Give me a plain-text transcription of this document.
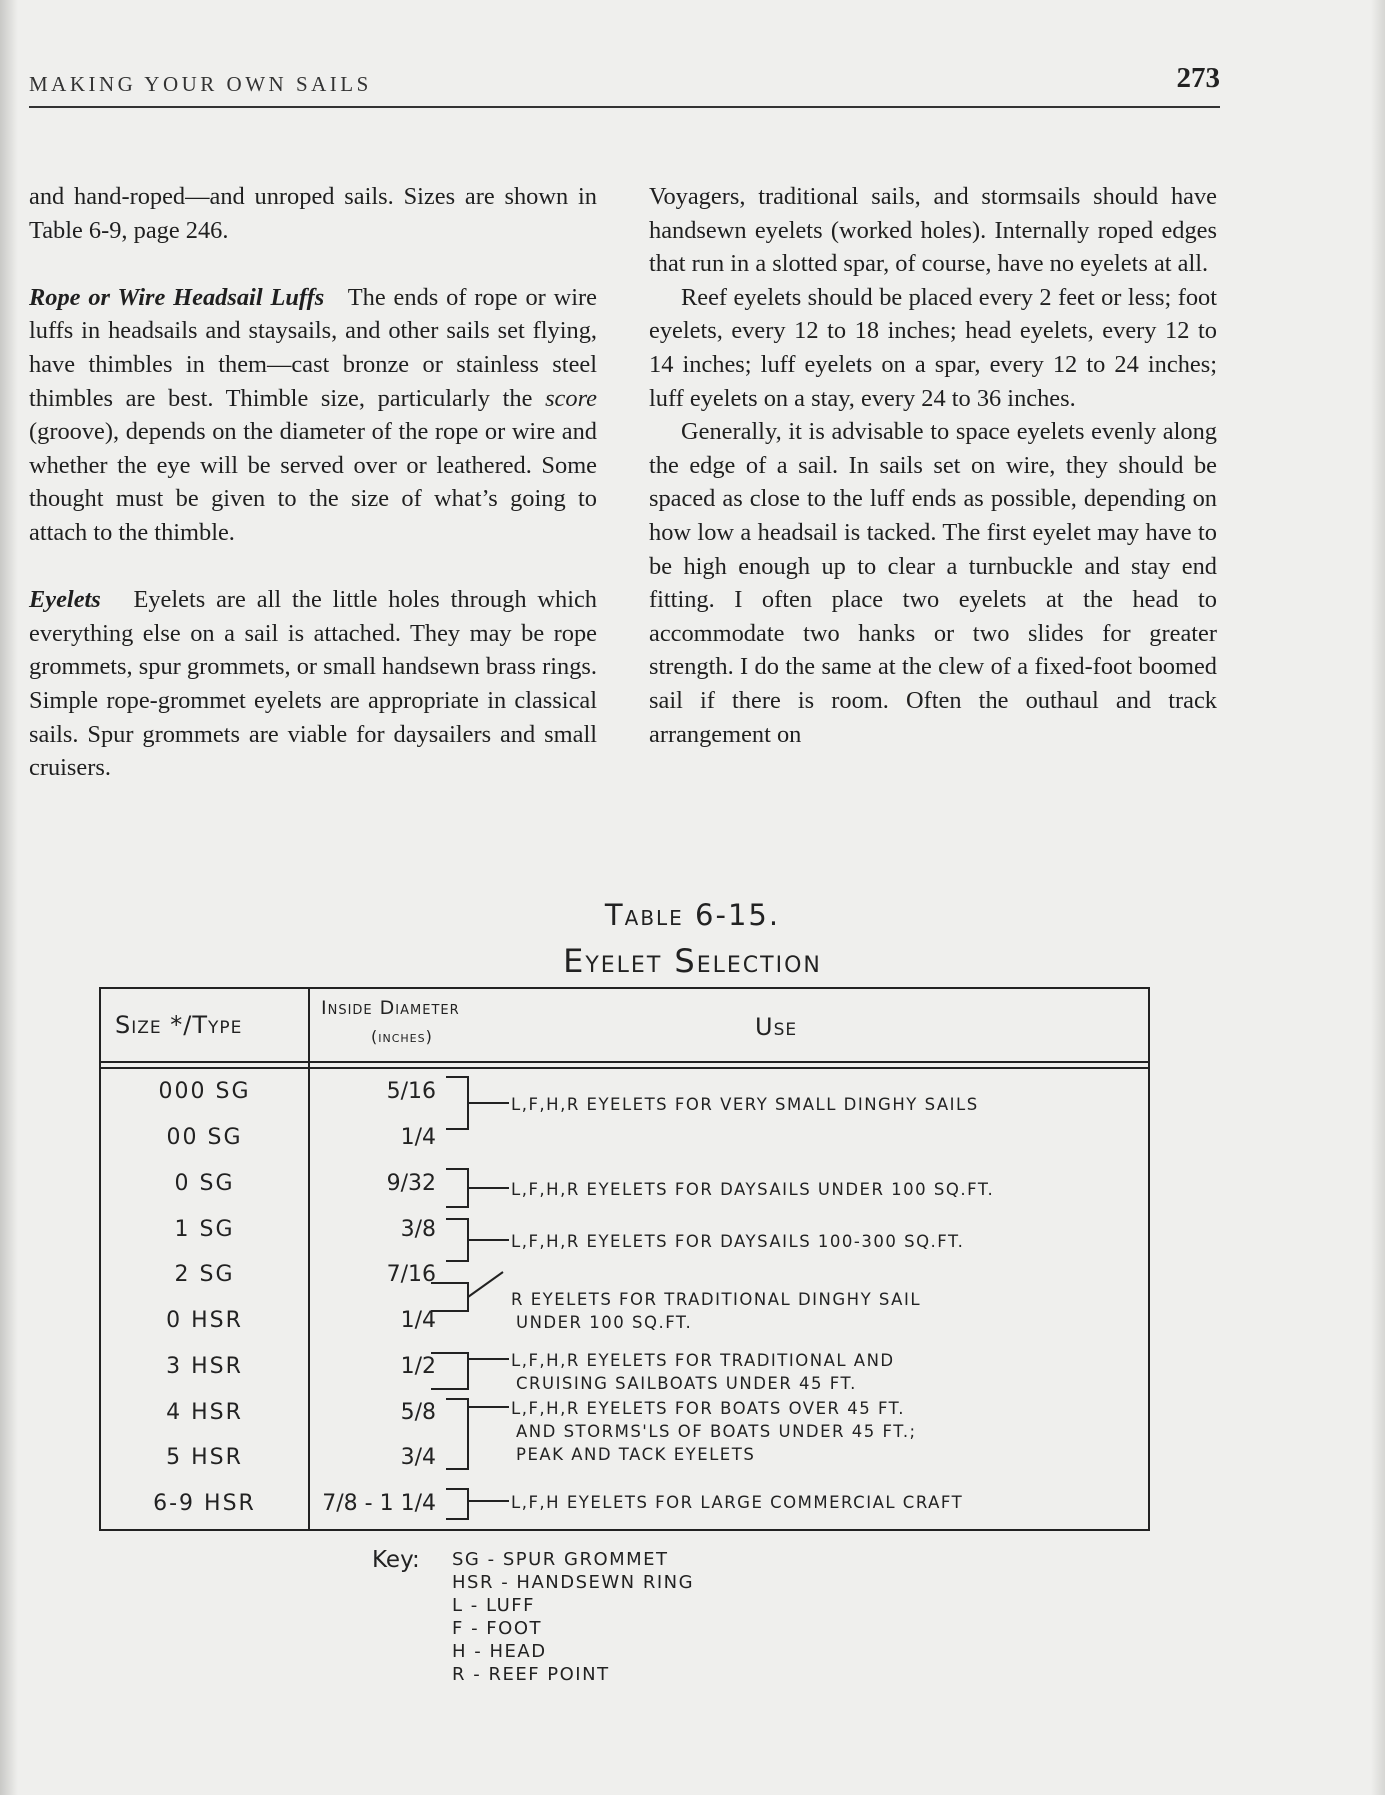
MAKING YOUR OWN SAILS	273

and hand-roped—and unroped sails. Sizes are shown in Table 6-9, page 246.

Rope or Wire Headsail Luffs The ends of rope or wire luffs in headsails and staysails, and other sails set flying, have thimbles in them—cast bronze or stainless steel thimbles are best. Thimble size, particularly the score (groove), depends on the diameter of the rope or wire and whether the eye will be served over or leathered. Some thought must be given to the size of what’s going to attach to the thimble.

Eyelets Eyelets are all the little holes through which everything else on a sail is attached. They may be rope grommets, spur grommets, or small handsewn brass rings. Simple rope-grommet eyelets are appropriate in classical sails. Spur grommets are viable for daysailers and small cruisers.

Voyagers, traditional sails, and stormsails should have handsewn eyelets (worked holes). Internally roped edges that run in a slotted spar, of course, have no eyelets at all.

Reef eyelets should be placed every 2 feet or less; foot eyelets, every 12 to 18 inches; head eyelets, every 12 to 14 inches; luff eyelets on a spar, every 12 to 24 inches; luff eyelets on a stay, every 24 to 36 inches.

Generally, it is advisable to space eyelets evenly along the edge of a sail. In sails set on wire, they should be spaced as close to the luff ends as possible, depending on how low a headsail is tacked. The first eyelet may have to be high enough up to clear a turnbuckle and stay end fitting. I often place two eyelets at the head to accommodate two hanks or two slides for greater strength. I do the same at the clew of a fixed-foot boomed sail if there is room. Often the outhaul and track arrangement on

Table 6-15.
Eyelet Selection
Size */Type
Inside Diameter
(inches)	Use
000 SG
00 SG
0 SG
1 SG
2 SG
0 HSR
3 HSR
4 HSR
5 HSR
6-9 HSR
5/16
1/4
9/32
3/8
7/16
1/4
1/2
5/8
3/4
7/8 - 1 1/4
L,F,H,R EYELETS FOR VERY SMALL DINGHY SAILS
L,F,H,R EYELETS FOR DAYSAILS UNDER 100 SQ.FT.
L,F,H,R EYELETS FOR DAYSAILS 100-300 SQ.FT.
R EYELETS FOR TRADITIONAL DINGHY SAIL
UNDER 100 SQ.FT.
L,F,H,R EYELETS FOR TRADITIONAL AND
CRUISING SAILBOATS UNDER 45 FT.
L,F,H,R EYELETS FOR BOATS OVER 45 FT.
AND STORMS'LS OF BOATS UNDER 45 FT.;
PEAK AND TACK EYELETS
L,F,H EYELETS FOR LARGE COMMERCIAL CRAFT
Key: SG - SPUR GROMMET
HSR - HANDSEWN RING
L - LUFF
F - FOOT
H - HEAD
R - REEF POINT
